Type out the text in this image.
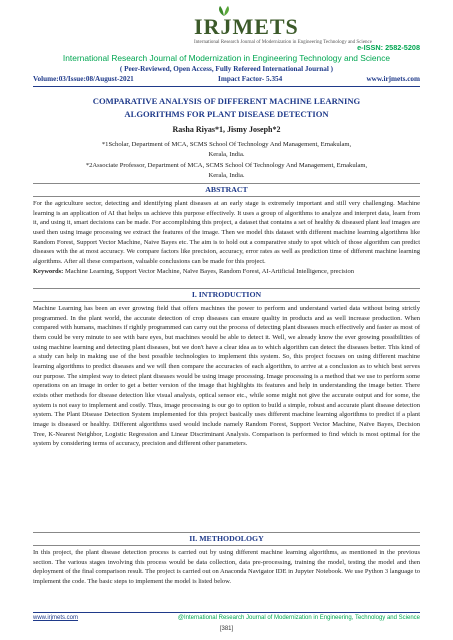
IRJMETS
International Research Journal of Modernization in Engineering Technology and Science
e-ISSN: 2582-5208
International Research Journal of Modernization in Engineering Technology and Science
( Peer-Reviewed, Open Access, Fully Refereed International Journal )
Volume:03/Issue:08/August-2021	Impact Factor- 5.354	www.irjmets.com
COMPARATIVE ANALYSIS OF DIFFERENT MACHINE LEARNING
ALGORITHMS FOR PLANT DISEASE DETECTION
Rasha Riyas*1, Jismy Joseph*2
*1Scholar, Department of MCA, SCMS School Of Technology And Management, Ernakulam,
Kerala, India.
*2Associate Professor, Department of MCA, SCMS School Of Technology And Management, Ernakulam,
Kerala, India.
ABSTRACT
For the agriculture sector, detecting and identifying plant diseases at an early stage is extremely important and still very challenging. Machine learning is an application of AI that helps us achieve this purpose effectively. It uses a group of algorithms to analyze and interpret data, learn from it, and using it, smart decisions can be made. For accomplishing this project, a dataset that contains a set of healthy & diseased plant leaf images are used then using image processing we extract the features of the image. Then we model this dataset with different machine learning algorithms like Random Forest, Support Vector Machine, Naive Bayes etc. The aim is to hold out a comparative study to spot which of those algorithm can predict diseases with the at most accuracy. We compare factors like precision, accuracy, error rates as well as prediction time of different machine learning algorithms. After all these comparison, valuable conclusions can be made for this project.
Keywords: Machine Learning, Support Vector Machine, Naïve Bayes, Random Forest, AI-Artificial Intelligence, precision
I. INTRODUCTION
Machine Learning has been an ever growing field that offers machines the power to perform and understand varied data without being strictly programmed. In the plant world, the accurate detection of crop diseases can ensure quality in products and as well increase production. When compared with humans, machines if rightly programmed can carry out the process of detecting plant diseases much effectively and faster as most of them could be very minute to see with bare eyes, but machines would be able to detect it. Well, we already know the ever growing possibilities of using machine learning and detecting plant diseases, but we don't have a clear idea as to which algorithm can detect the diseases better. This kind of a study can help in making use of the best possible technologies to implement this system. So, this project focuses on using different machine learning algorithms to predict diseases and we will then compare the accuracies of each algorithm, to arrive at a conclusion as to which best serves our purpose. The simplest way to detect plant diseases would be using image processing. Image processing is a method that we use to perform some operations on an image in order to get a better version of the image that highlights its features and help in understanding the image better. There exists other methods for disease detection like visual analysis, optical sensor etc., while some might not give the accurate output and for some, the system is not easy to implement and costly. Thus, image processing is our go to option to build a simple, robust and accurate plant disease detection system. The Plant Disease Detection System implemented for this project basically uses different machine learning algorithms to predict if a plant image is diseased or healthy. Different algorithms used would include namely Random Forest, Support Vector Machine, Naïve Bayes, Decision Tree, K-Nearest Neighbor, Logistic Regression and Linear Discriminant Analysis. Comparison is performed to find which is most optimal for the system by considering terms of accuracy, precision and different other parameters.
II. METHODOLOGY
In this project, the plant disease detection process is carried out by using different machine learning algorithms, as mentioned in the previous section. The various stages involving this process would be data collection, data pre-processing, training the model, testing the model and then deployment of the final comparison result. The project is carried out on Anaconda Navigator IDE in Jupyter Notebook. We use Python 3 language to implement the code. The basic steps to implement the model is listed below.
www.irjmets.com	@International Research Journal of Modernization in Engineering, Technology and Science
[381]
